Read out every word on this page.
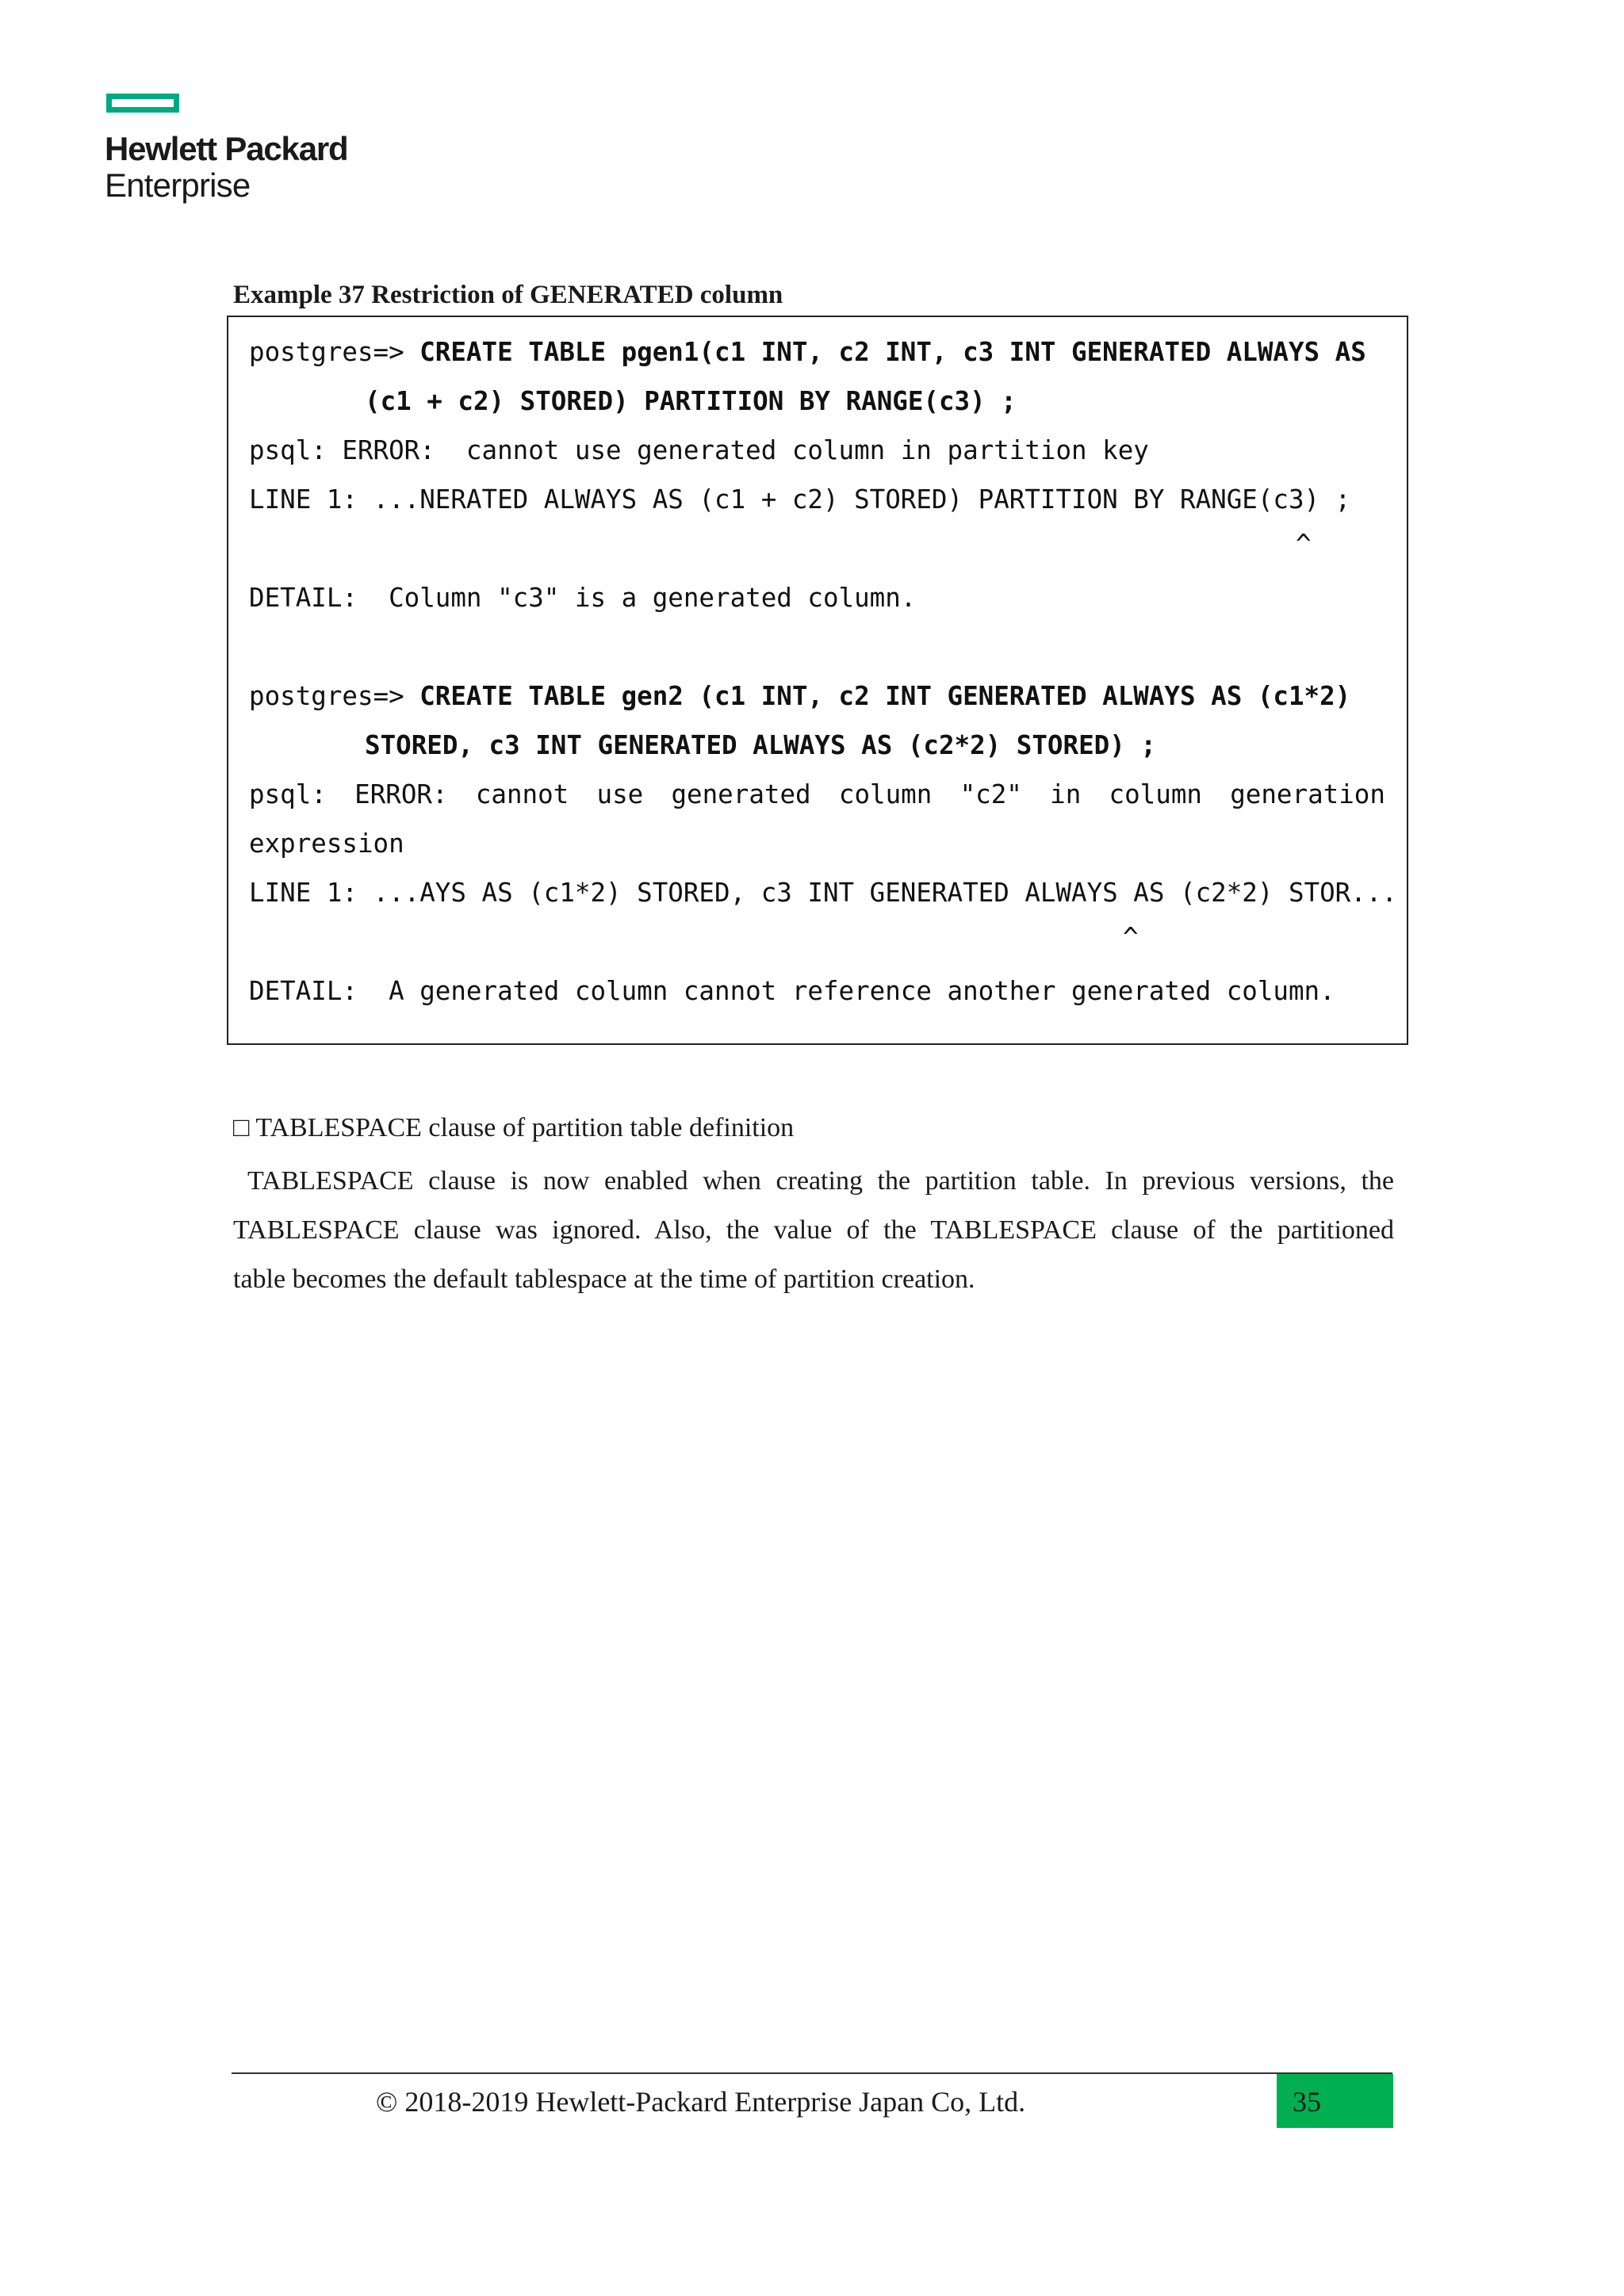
Hewlett Packard
Enterprise
Example 37 Restriction of GENERATED column
postgres=> CREATE TABLE pgen1(c1 INT, c2 INT, c3 INT GENERATED ALWAYS AS
(c1 + c2) STORED) PARTITION BY RANGE(c3) ;
psql: ERROR:  cannot use generated column in partition key
LINE 1: ...NERATED ALWAYS AS (c1 + c2) STORED) PARTITION BY RANGE(c3) ;
^
DETAIL:  Column "c3" is a generated column.
postgres=> CREATE TABLE gen2 (c1 INT, c2 INT GENERATED ALWAYS AS (c1*2)
STORED, c3 INT GENERATED ALWAYS AS (c2*2) STORED) ;
psql: ERROR: cannot use generated column "c2" in column generation
expression
LINE 1: ...AYS AS (c1*2) STORED, c3 INT GENERATED ALWAYS AS (c2*2) STOR...
^
DETAIL:  A generated column cannot reference another generated column.
□ TABLESPACE clause of partition table definition
TABLESPACE clause is now enabled when creating the partition table. In previous versions, the
TABLESPACE clause was ignored. Also, the value of the TABLESPACE clause of the partitioned
table becomes the default tablespace at the time of partition creation.
© 2018-2019 Hewlett-Packard Enterprise Japan Co, Ltd.	35
